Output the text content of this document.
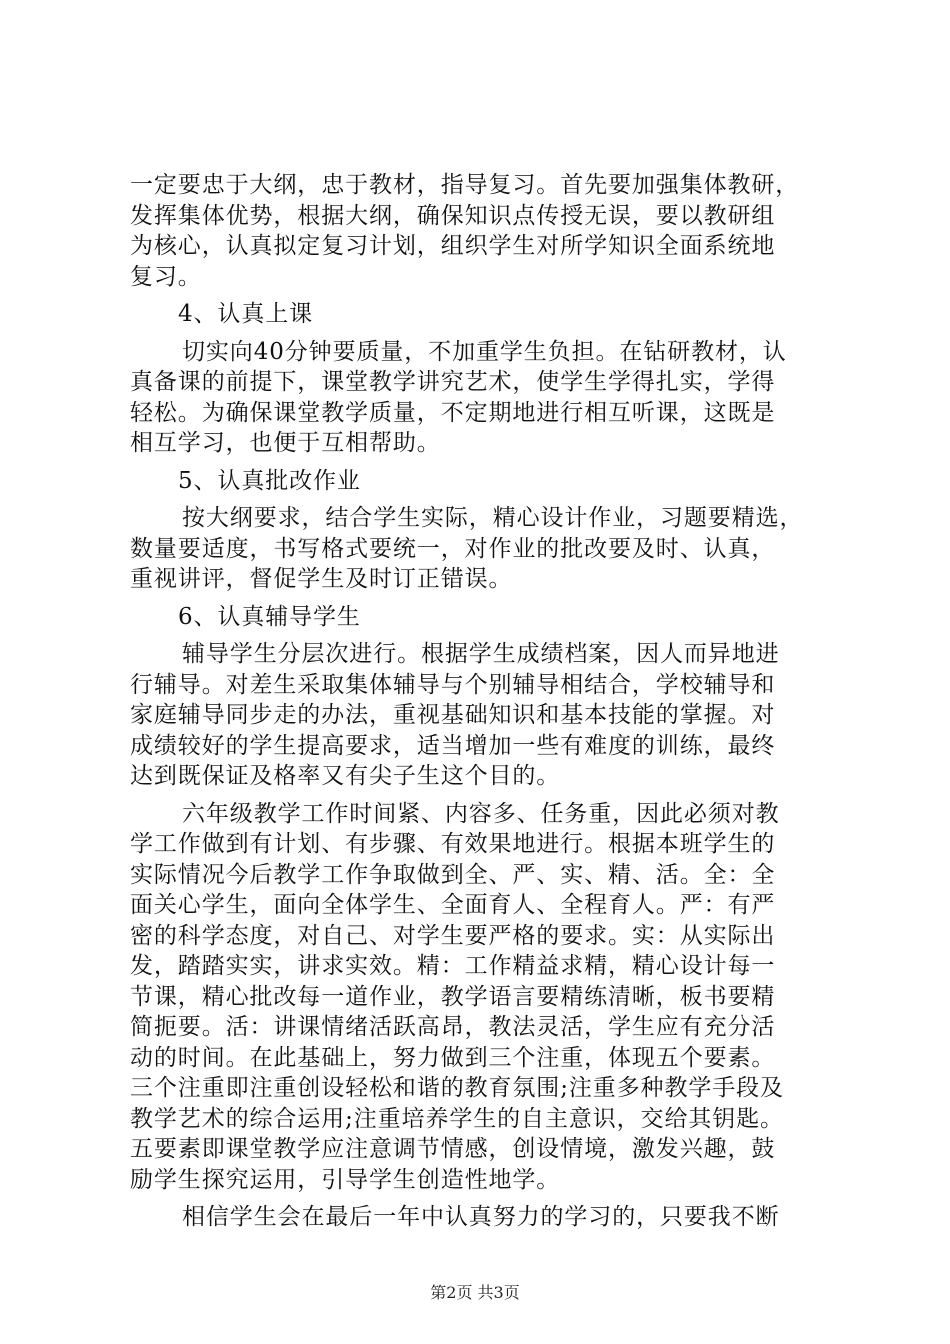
一定要忠于大纲，忠于教材，指导复习。首先要加强集体教研，
发挥集体优势，根据大纲，确保知识点传授无误，要以教研组
为核心，认真拟定复习计划，组织学生对所学知识全面系统地
复习。
4、认真上课
切实向40分钟要质量，不加重学生负担。在钻研教材，认
真备课的前提下，课堂教学讲究艺术，使学生学得扎实，学得
轻松。为确保课堂教学质量，不定期地进行相互听课，这既是
相互学习，也便于互相帮助。
5、认真批改作业
按大纲要求，结合学生实际，精心设计作业，习题要精选，
数量要适度，书写格式要统一，对作业的批改要及时、认真，
重视讲评，督促学生及时订正错误。
6、认真辅导学生
辅导学生分层次进行。根据学生成绩档案，因人而异地进
行辅导。对差生采取集体辅导与个别辅导相结合，学校辅导和
家庭辅导同步走的办法，重视基础知识和基本技能的掌握。对
成绩较好的学生提高要求，适当增加一些有难度的训练，最终
达到既保证及格率又有尖子生这个目的。
六年级教学工作时间紧、内容多、任务重，因此必须对教
学工作做到有计划、有步骤、有效果地进行。根据本班学生的
实际情况今后教学工作争取做到全、严、实、精、活。全：全
面关心学生，面向全体学生、全面育人、全程育人。严：有严
密的科学态度，对自己、对学生要严格的要求。实：从实际出
发，踏踏实实，讲求实效。精：工作精益求精，精心设计每一
节课，精心批改每一道作业，教学语言要精练清晰，板书要精
简扼要。活：讲课情绪活跃高昂，教法灵活，学生应有充分活
动的时间。在此基础上，努力做到三个注重，体现五个要素。
三个注重即注重创设轻松和谐的教育氛围;注重多种教学手段及
教学艺术的综合运用;注重培养学生的自主意识，交给其钥匙。
五要素即课堂教学应注意调节情感，创设情境，激发兴趣，鼓
励学生探究运用，引导学生创造性地学。
相信学生会在最后一年中认真努力的学习的，只要我不断
第2页 共3页
